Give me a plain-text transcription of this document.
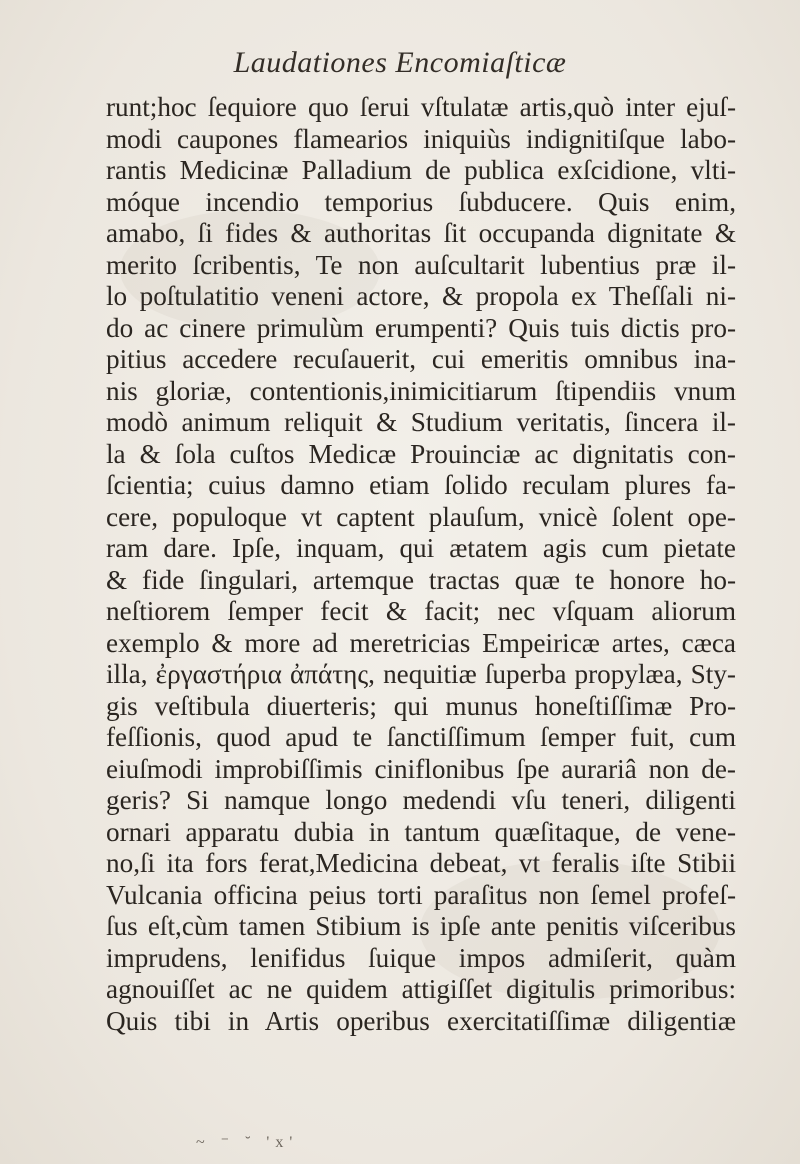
Laudationes Encomiaſticæ
runt;hoc ſequiore quo ſerui vſtulatæ artis,quò inter ejuſ-
modi caupones flamearios iniquiùs indignitiſque labo-
rantis Medicinæ Palladium de publica exſcidione, vlti-
móque incendio temporius ſubducere. Quis enim,
amabo, ſi fides & authoritas ſit occupanda dignitate &
merito ſcribentis, Te non auſcultarit lubentius præ il-
lo poſtulatitio veneni actore, & propola ex Theſſali ni-
do ac cinere primulùm erumpenti? Quis tuis dictis pro-
pitius accedere recuſauerit, cui emeritis omnibus ina-
nis gloriæ, contentionis,inimicitiarum ſtipendiis vnum
modò animum reliquit & Studium veritatis, ſincera il-
la & ſola cuſtos Medicæ Prouinciæ ac dignitatis con-
ſcientia; cuius damno etiam ſolido reculam plures fa-
cere, populoque vt captent plauſum, vnicè ſolent ope-
ram dare. Ipſe, inquam, qui ætatem agis cum pietate
& fide ſingulari, artemque tractas quæ te honore ho-
neſtiorem ſemper fecit & facit; nec vſquam aliorum
exemplo & more ad meretricias Empeiricæ artes, cæca
illa, ἐργαστήρια ἀπάτης, nequitiæ ſuperba propylæa, Sty-
gis veſtibula diuerteris; qui munus honeſtiſſimæ Pro-
feſſionis, quod apud te ſanctiſſimum ſemper fuit, cum
eiuſmodi improbiſſimis ciniflonibus ſpe aurariâ non de-
geris? Si namque longo medendi vſu teneri, diligenti
ornari apparatu dubia in tantum quæſitaque, de vene-
no,ſi ita fors ferat,Medicina debeat, vt feralis iſte Stibii
Vulcania officina peius torti paraſitus non ſemel profeſ-
ſus eſt,cùm tamen Stibium is ipſe ante penitis viſceribus
imprudens, lenifidus ſuique impos admiſerit, quàm
agnouiſſet ac ne quidem attigiſſet digitulis primoribus:
Quis tibi in Artis operibus exercitatiſſimæ diligentiæ
~ ⁻ ˘ 'x'
